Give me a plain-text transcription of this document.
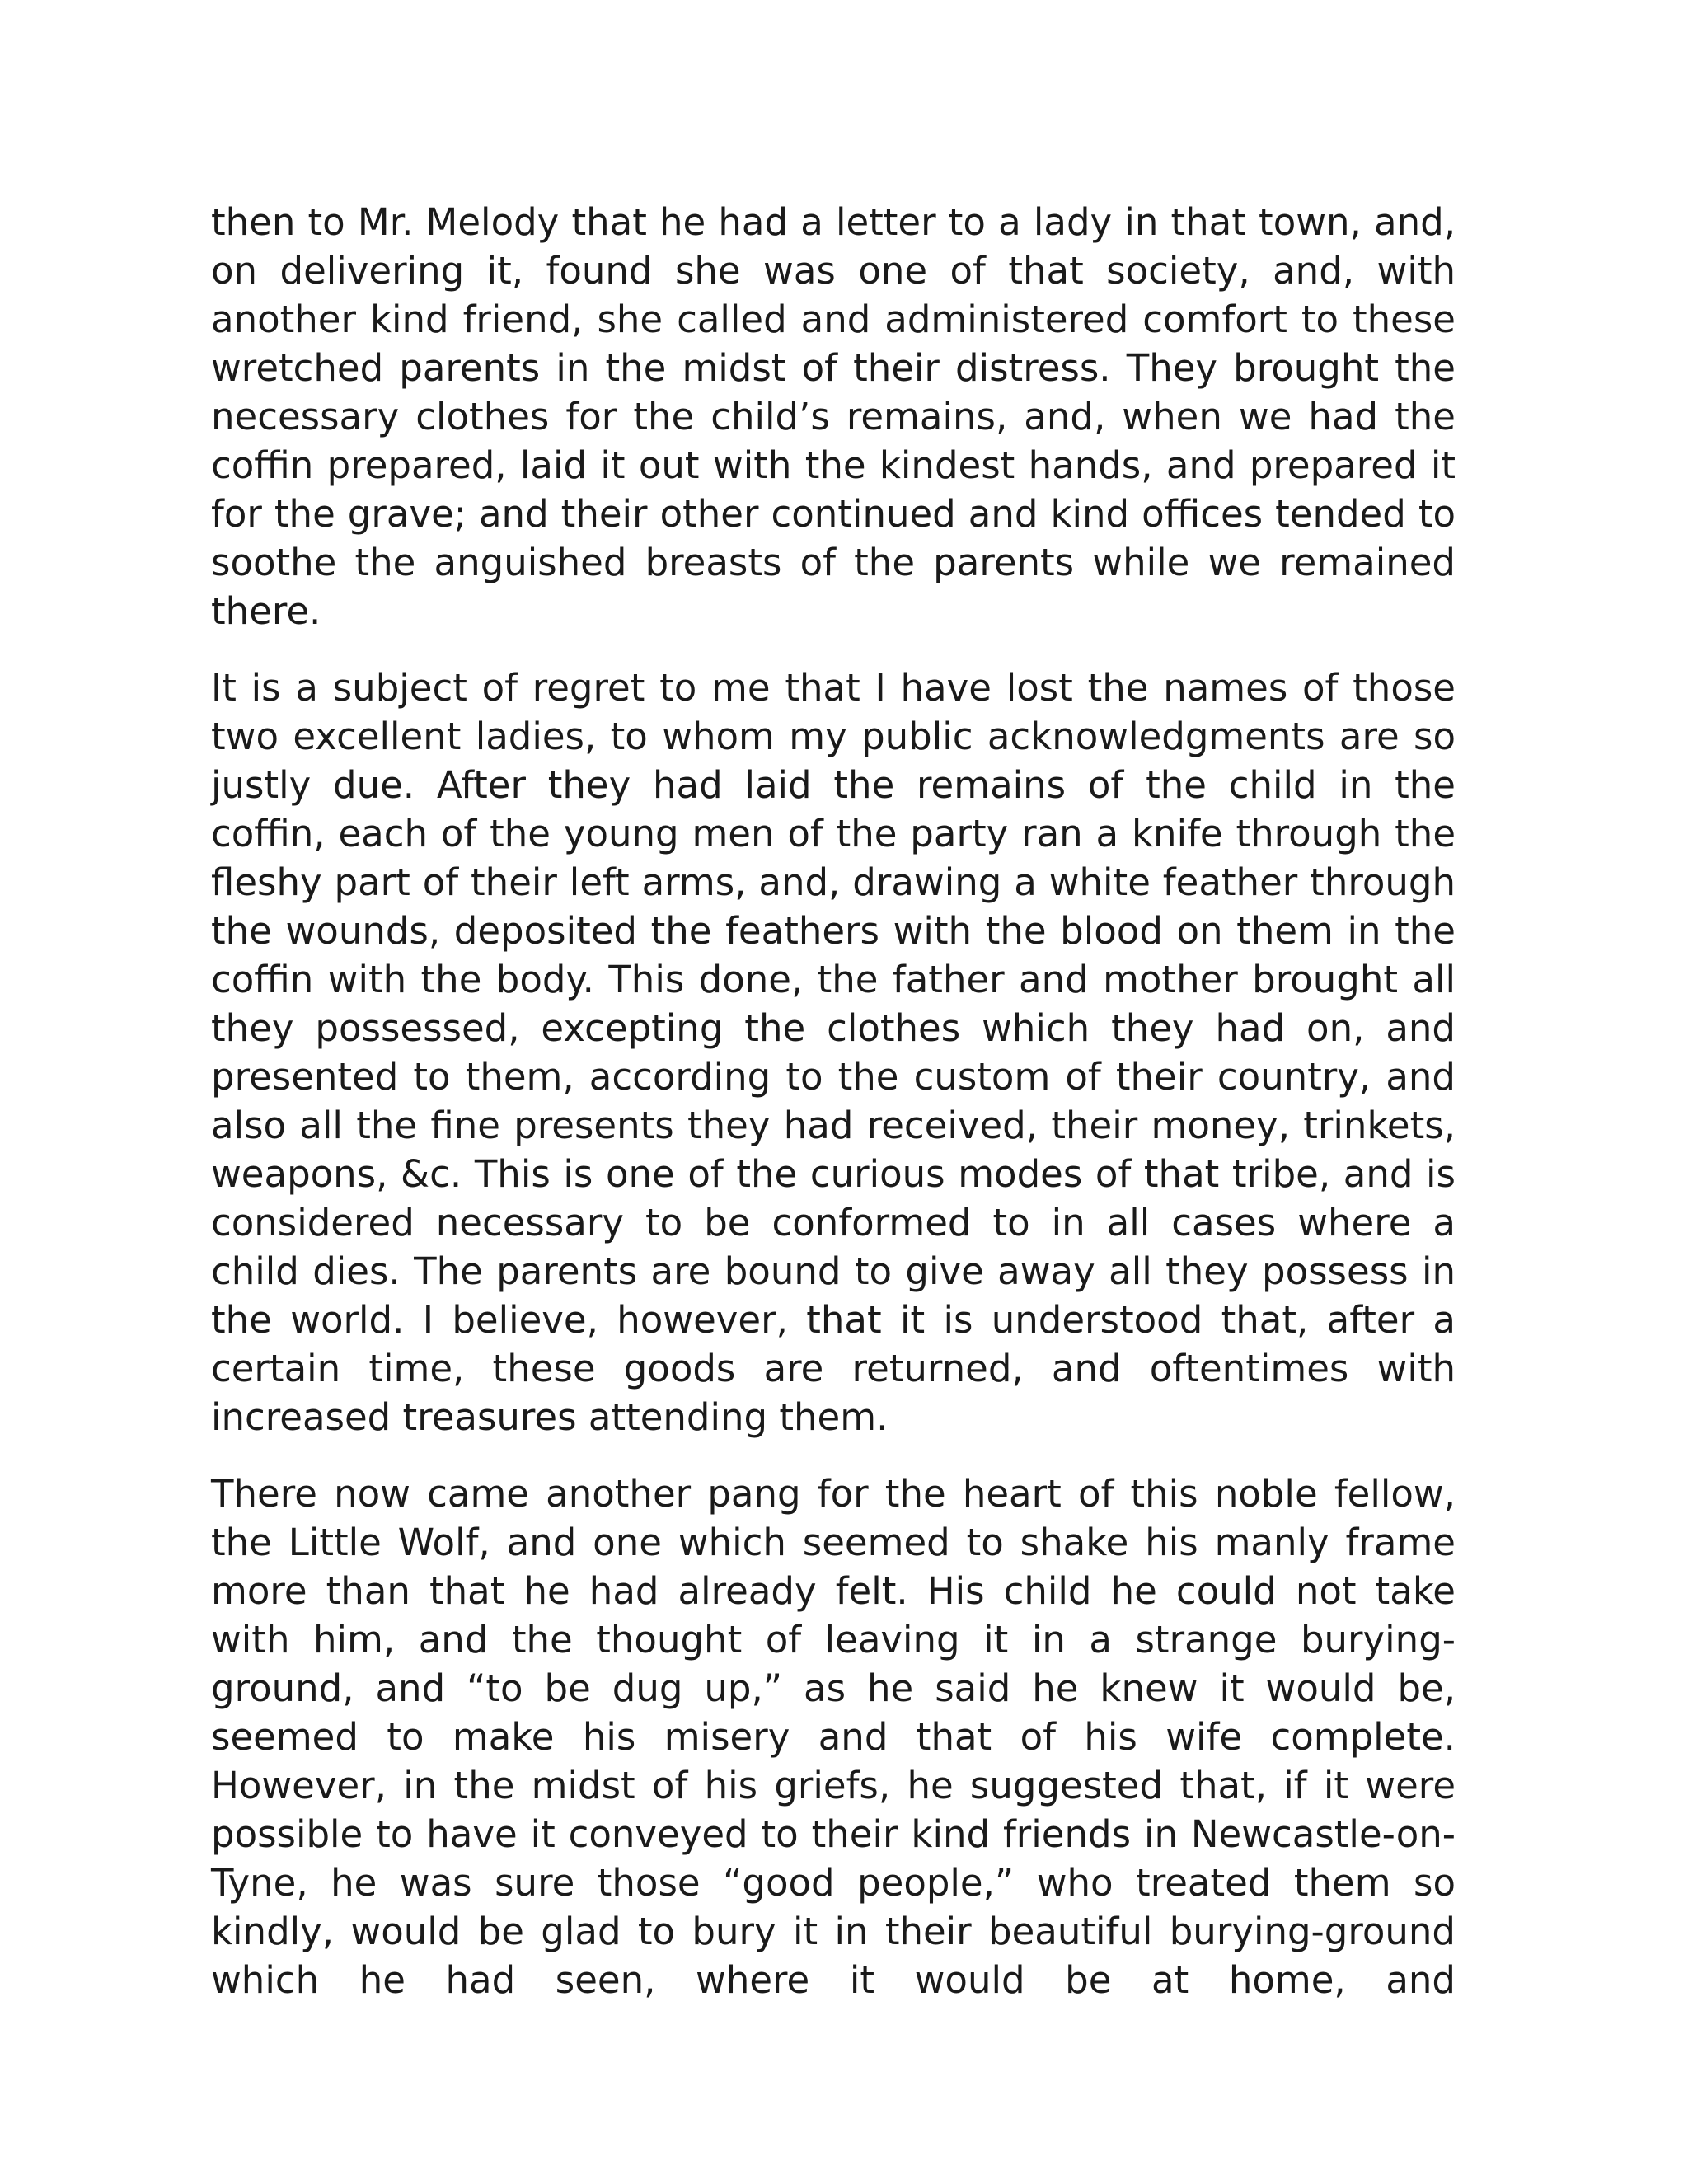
then to Mr. Melody that he had a letter to a lady in that town, and, on delivering it, found she was one of that society, and, with another kind friend, she called and administered comfort to these wretched parents in the midst of their distress. They brought the necessary clothes for the child’s remains, and, when we had the coffin prepared, laid it out with the kindest hands, and prepared it for the grave; and their other continued and kind offices tended to soothe the anguished breasts of the parents while we remained there.

It is a subject of regret to me that I have lost the names of those two excellent ladies, to whom my public acknowledgments are so justly due. After they had laid the remains of the child in the coffin, each of the young men of the party ran a knife through the fleshy part of their left arms, and, drawing a white feather through the wounds, deposited the feathers with the blood on them in the coffin with the body. This done, the father and mother brought all they possessed, excepting the clothes which they had on, and presented to them, according to the custom of their country, and also all the fine presents they had received, their money, trinkets, weapons, &c. This is one of the curious modes of that tribe, and is considered necessary to be conformed to in all cases where a child dies. The parents are bound to give away all they possess in the world. I believe, however, that it is understood that, after a certain time, these goods are returned, and oftentimes with increased treasures attending them.

There now came another pang for the heart of this noble fellow, the Little Wolf, and one which seemed to shake his manly frame more than that he had already felt. His child he could not take with him, and the thought of leaving it in a strange burying-ground, and “to be dug up,” as he said he knew it would be, seemed to make his misery and that of his wife complete. However, in the midst of his griefs, he suggested that, if it were possible to have it conveyed to their kind friends in Newcastle-on-Tyne, he was sure those “good people,” who treated them so kindly, would be glad to bury it in their beautiful burying-ground which he had seen, where it would be at home, and
